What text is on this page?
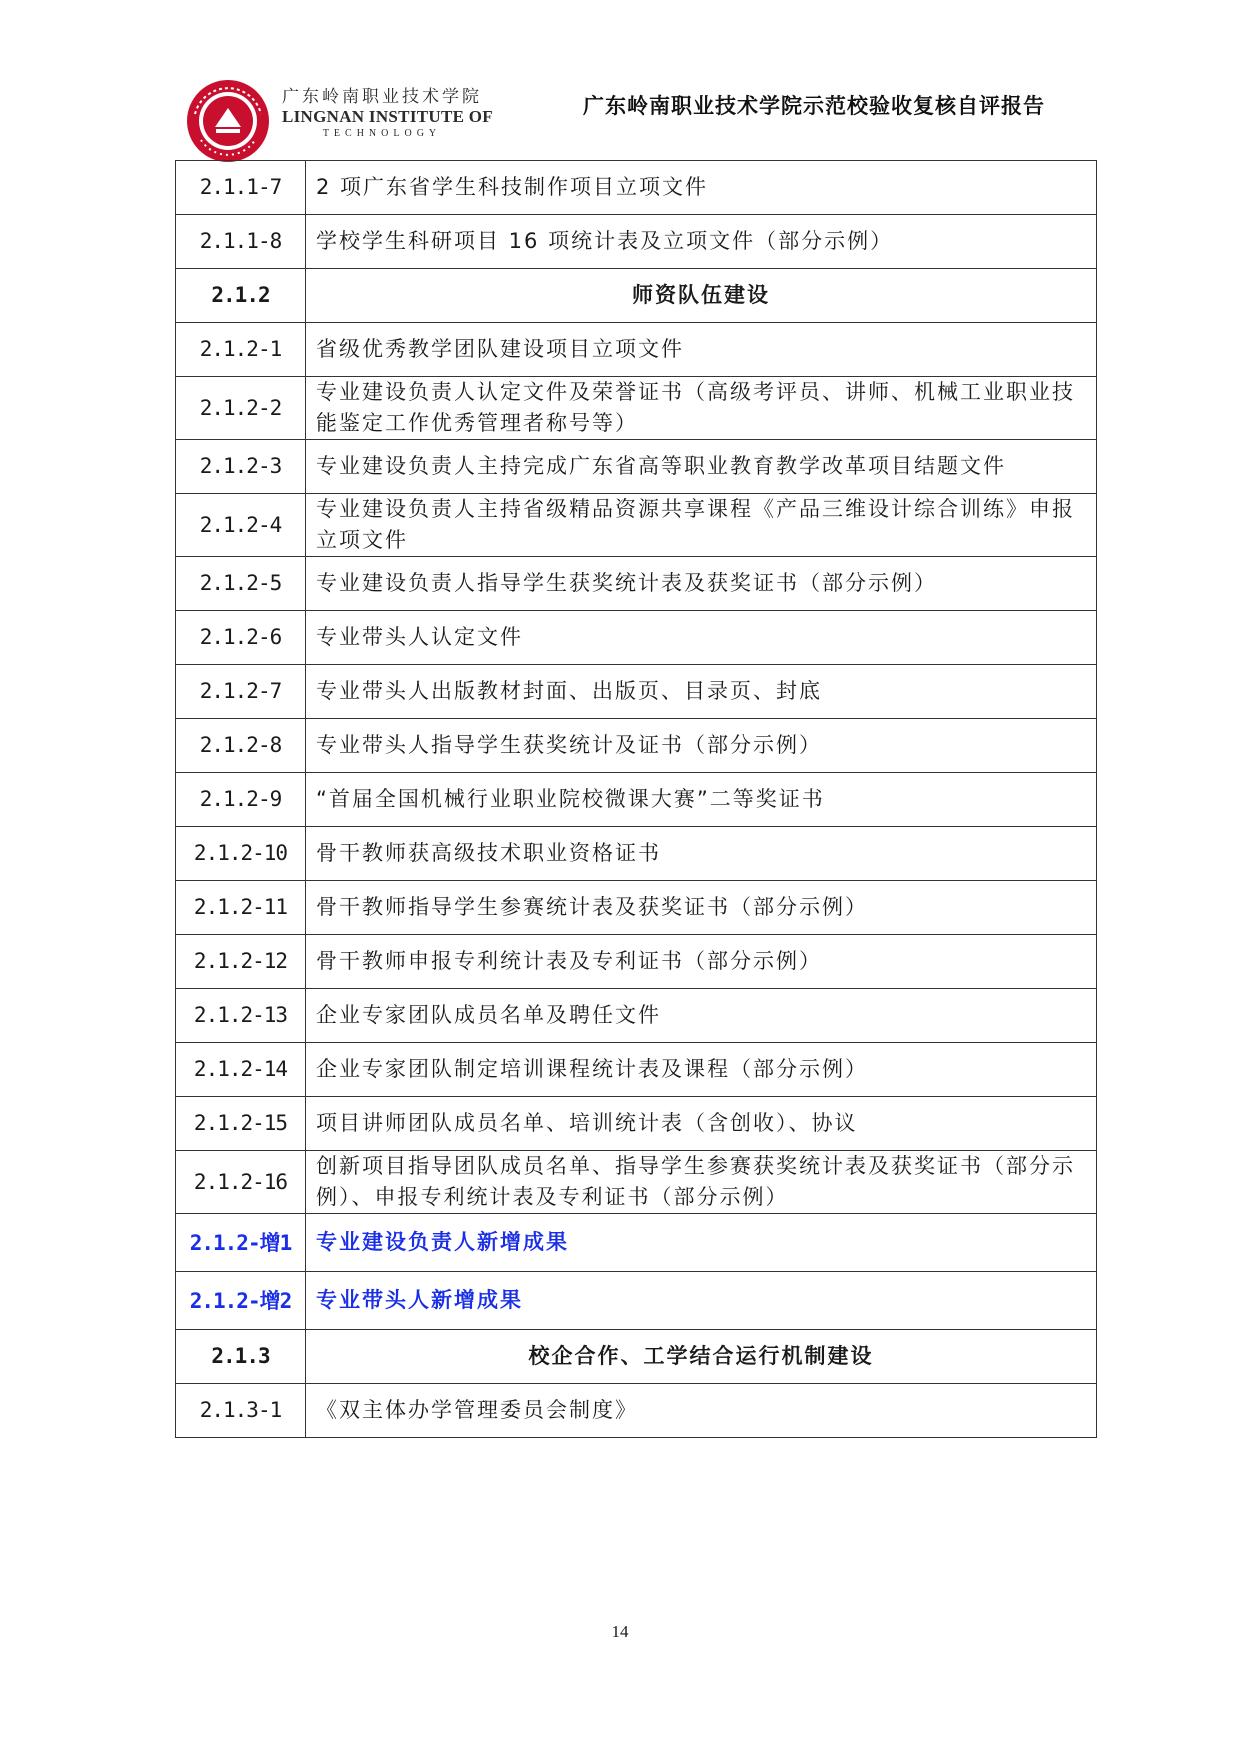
广东岭南职业技术学院
LINGNAN INSTITUTE OF
TECHNOLOGY
广东岭南职业技术学院示范校验收复核自评报告
2.1.1-7	2 项广东省学生科技制作项目立项文件
2.1.1-8	学校学生科研项目 16 项统计表及立项文件（部分示例）
2.1.2	师资队伍建设
2.1.2-1	省级优秀教学团队建设项目立项文件
2.1.2-2	专业建设负责人认定文件及荣誉证书（高级考评员、讲师、机械工业职业技能鉴定工作优秀管理者称号等）
2.1.2-3	专业建设负责人主持完成广东省高等职业教育教学改革项目结题文件
2.1.2-4	专业建设负责人主持省级精品资源共享课程《产品三维设计综合训练》申报立项文件
2.1.2-5	专业建设负责人指导学生获奖统计表及获奖证书（部分示例）
2.1.2-6	专业带头人认定文件
2.1.2-7	专业带头人出版教材封面、出版页、目录页、封底
2.1.2-8	专业带头人指导学生获奖统计及证书（部分示例）
2.1.2-9	“首届全国机械行业职业院校微课大赛”二等奖证书
2.1.2-10	骨干教师获高级技术职业资格证书
2.1.2-11	骨干教师指导学生参赛统计表及获奖证书（部分示例）
2.1.2-12	骨干教师申报专利统计表及专利证书（部分示例）
2.1.2-13	企业专家团队成员名单及聘任文件
2.1.2-14	企业专家团队制定培训课程统计表及课程（部分示例）
2.1.2-15	项目讲师团队成员名单、培训统计表（含创收）、协议
2.1.2-16	创新项目指导团队成员名单、指导学生参赛获奖统计表及获奖证书（部分示例）、申报专利统计表及专利证书（部分示例）
2.1.2-增1	专业建设负责人新增成果
2.1.2-增2	专业带头人新增成果
2.1.3	校企合作、工学结合运行机制建设
2.1.3-1	《双主体办学管理委员会制度》
14
